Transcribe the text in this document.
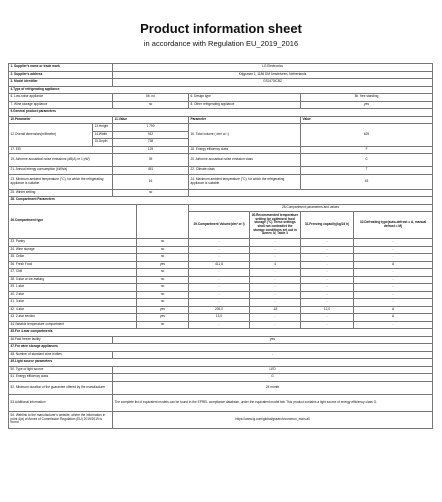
Product information sheet
in accordance with Regulation EU_2019_2016
1. Supplier's name or trade mark		LG Electronics					
2. Supplier's address		Krijgsman 1, 1186 DM Amstelveen, Netherlands					
3. Model identifier		GSJ473ICBZ					
4.Type of refrigerating appliance							
5. Low-noise appliance		5b. no		6. Design type		5b. free standing	
7. Wine storage appliance		no		8. Other refrigerating appliance		yes	
9.General product parameters							
10.Parameter		11.Value		Parameter		Value	
12.Overall dimension(millimetre)	13.Height	1 790		16. Total volume ( dm³ or l )		625	
	14.Width	912					
	15.Depth	738					
17. EEI		125		18. Energy efficiency class		F	
19. Airborne acoustical noise emissions (dB(A) re 1 pW)		39		20. Airborne acoustical noise emission class		C	
21. Annual energy consumption (kWh/a)		451		22. Climate class		T	
23. Minimum ambient temperature (°C), for which the refrigerating appliance is suitable		16		24. Maximum ambient temperature (°C), for which the refrigerating appliance is suitable		43	
25. Winter setting		no					
28. Compartment Parameters							
26.Compartment type				28.Compartment parameters and values			
				29.Compartment Volume(dm³ or l)	30.Recommended temperature setting for optimised food storage (°C) These settings shall not contradict the storage conditions set out in Annex IV, Table 3	31.Freezing capacity(kg/24 h)	32.Defrosting type(auto-defrost = A, manual defrost = M)
33. Pantry			no	-	-	-	-
34. Wine storage			no	-	-	-	-
35. Cellar			no	-	-	-	-
36. Fresh Food			yes	411,8	4	-	A
37. Chill			no	-	-	-	-
38. 0-star or ice-making			no	-	-	-	-
39. 1-star			no	-	-	-	-
40. 2-star			no	-	-	-	-
41. 3-star			no	-	-	-	-
42. 4-star			yes	205,0	-18	12,0	A
43. 2-star section			yes	13,0	-	-	A
44.Variable temperature compartment			no	-	-	-	-
45.For 4-star compartments							
46.Fast freeze facility		yes					
47.For wine storage appliances							
48. Number of standard wine bottles		-					
49.Light source parameters							
50. Type of light source		LED					
51. Energy efficiency class		G					
52. Minimum duration of the guarantee offered by the manufacturer		24 month					
53.Additional information		The complete list of equivalent models can be found in the EPREL compliance database, under the equivalent model tab. This product contains a light source of energy efficiency class G.					
54. Weblink to the manufacturer's website, where the information in point 4(a) of Annex of Commission Regulation (EU) 2019/2019 is found		https://www.lg.com/global/gsearch/common_main.all					
